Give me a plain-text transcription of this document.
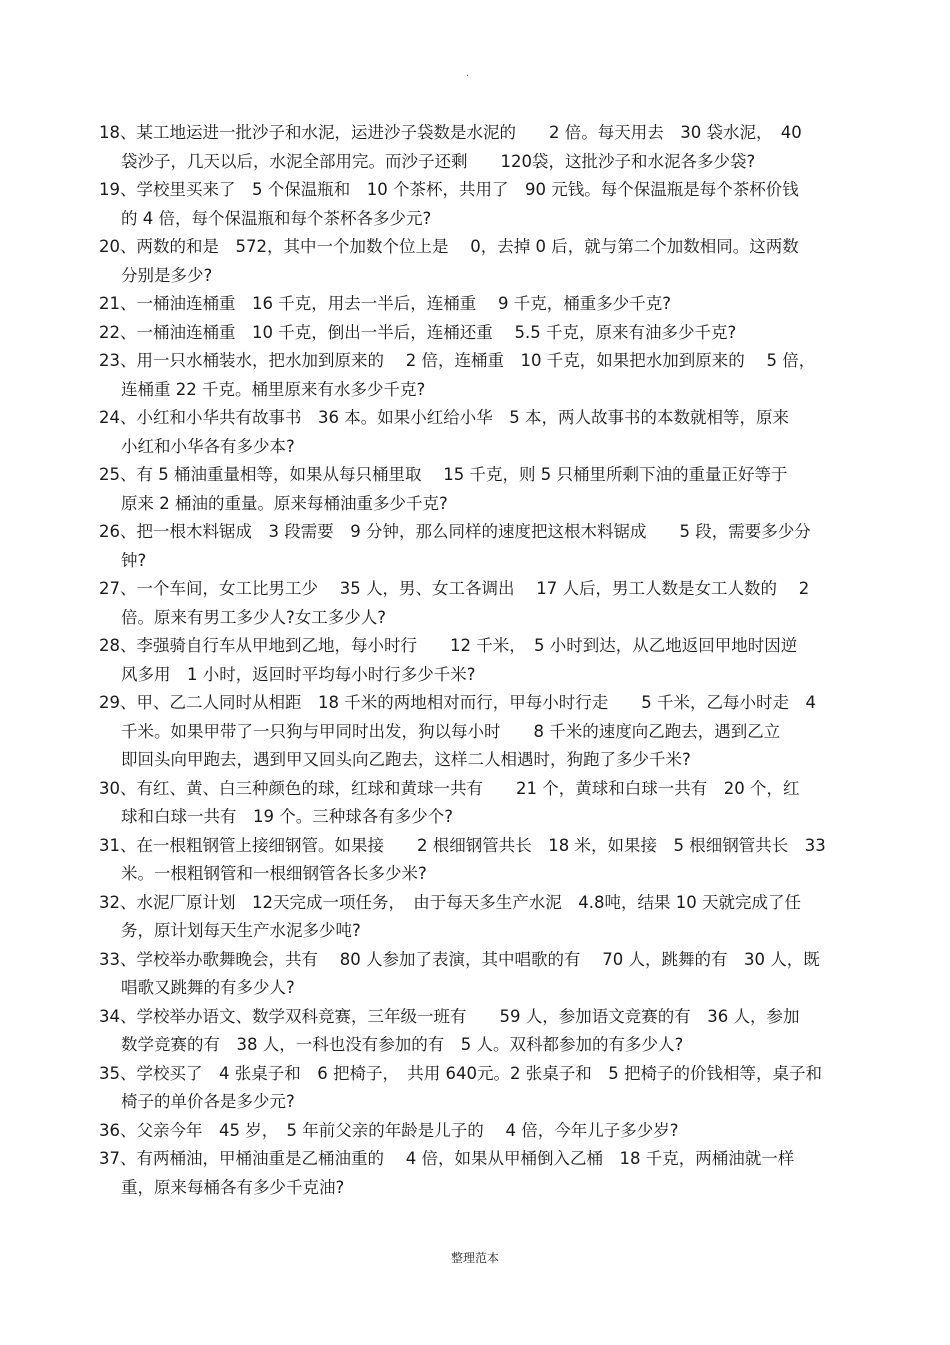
.

18、某工地运进一批沙子和水泥，运进沙子袋数是水泥的　　2 倍。每天用去　30 袋水泥，　40
袋沙子，几天以后，水泥全部用完。而沙子还剩　　120袋，这批沙子和水泥各多少袋?

19、学校里买来了　5 个保温瓶和　10 个茶杯，共用了　90 元钱。每个保温瓶是每个茶杯价钱
的 4 倍，每个保温瓶和每个茶杯各多少元?

20、两数的和是　572，其中一个加数个位上是　 0，去掉 0 后，就与第二个加数相同。这两数
分别是多少?

21、一桶油连桶重　16 千克，用去一半后，连桶重　 9 千克，桶重多少千克?

22、一桶油连桶重　10 千克，倒出一半后，连桶还重　 5.5 千克，原来有油多少千克?

23、用一只水桶装水，把水加到原来的　 2 倍，连桶重　10 千克，如果把水加到原来的　 5 倍，
连桶重 22 千克。桶里原来有水多少千克?

24、小红和小华共有故事书　36 本。如果小红给小华　5 本，两人故事书的本数就相等，原来
小红和小华各有多少本?

25、有 5 桶油重量相等，如果从每只桶里取　 15 千克，则 5 只桶里所剩下油的重量正好等于
原来 2 桶油的重量。原来每桶油重多少千克?

26、把一根木料锯成　3 段需要　9 分钟，那么同样的速度把这根木料锯成　　5 段，需要多少分
钟?

27、一个车间，女工比男工少　 35 人，男、女工各调出　 17 人后，男工人数是女工人数的　 2
倍。原来有男工多少人?女工多少人?

28、李强骑自行车从甲地到乙地，每小时行　　12 千米，　5 小时到达，从乙地返回甲地时因逆
风多用　1 小时，返回时平均每小时行多少千米?

29、甲、乙二人同时从相距　18 千米的两地相对而行，甲每小时行走　　5 千米，乙每小时走　4
千米。如果甲带了一只狗与甲同时出发，狗以每小时　　8 千米的速度向乙跑去，遇到乙立
即回头向甲跑去，遇到甲又回头向乙跑去，这样二人相遇时，狗跑了多少千米?

30、有红、黄、白三种颜色的球，红球和黄球一共有　　21 个，黄球和白球一共有　20 个，红
球和白球一共有　19 个。三种球各有多少个?

31、在一根粗钢管上接细钢管。如果接　　2 根细钢管共长　18 米，如果接　5 根细钢管共长　33
米。一根粗钢管和一根细钢管各长多少米?

32、水泥厂原计划　12天完成一项任务，　由于每天多生产水泥　4.8吨，结果 10 天就完成了任
务，原计划每天生产水泥多少吨?

33、学校举办歌舞晚会，共有　 80 人参加了表演，其中唱歌的有　 70 人，跳舞的有　30 人，既
唱歌又跳舞的有多少人?

34、学校举办语文、数学双科竞赛，三年级一班有　　59 人，参加语文竞赛的有　36 人，参加
数学竞赛的有　38 人，一科也没有参加的有　5 人。双科都参加的有多少人?

35、学校买了　4 张桌子和　6 把椅子，　共用 640元。2 张桌子和　5 把椅子的价钱相等，桌子和
椅子的单价各是多少元?

36、父亲今年　45 岁，　5 年前父亲的年龄是儿子的　 4 倍，今年儿子多少岁?

37、有两桶油，甲桶油重是乙桶油重的　 4 倍，如果从甲桶倒入乙桶　18 千克，两桶油就一样
重，原来每桶各有多少千克油?

整理范本
